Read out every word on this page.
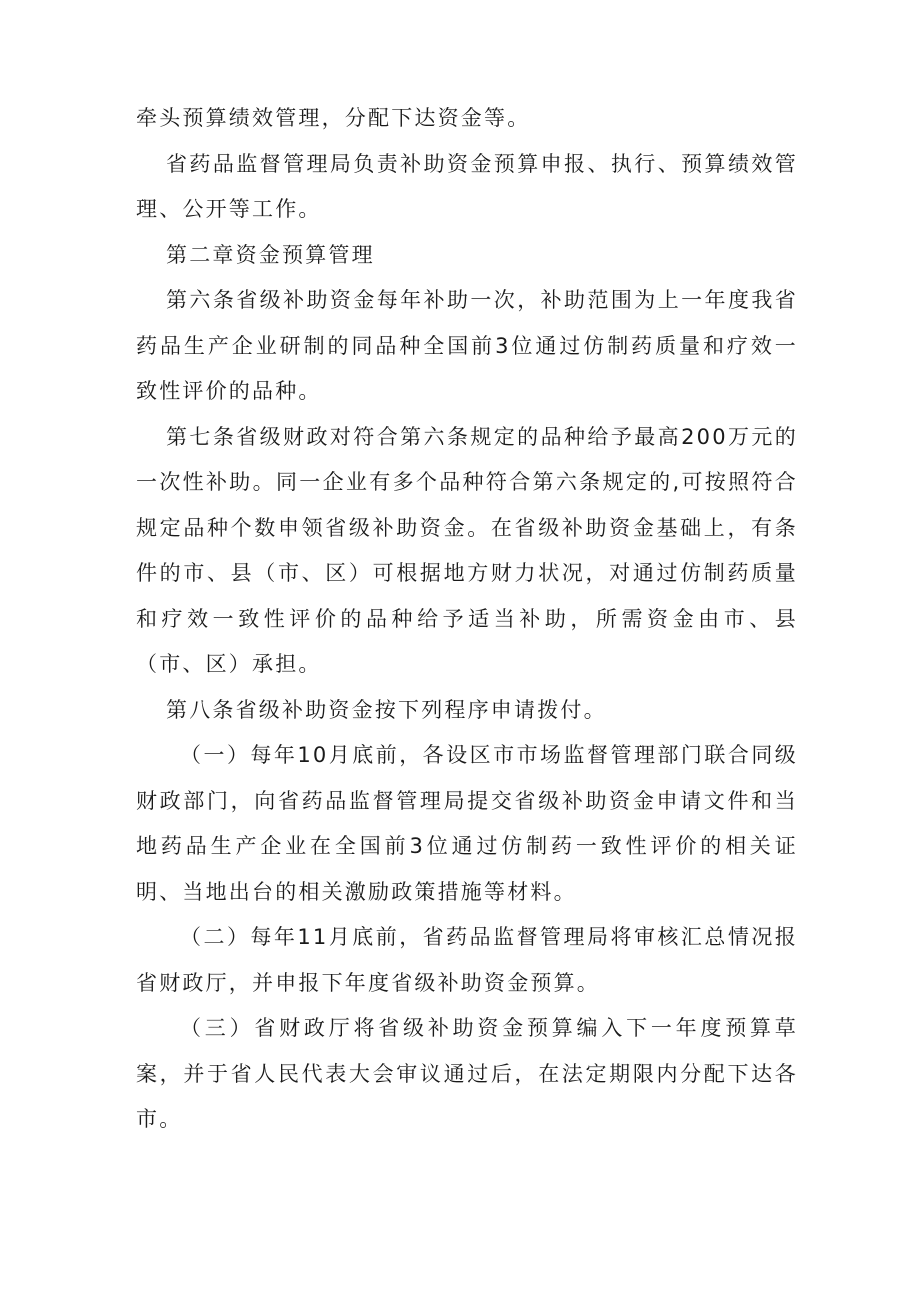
牵头预算绩效管理，分配下达资金等。

省药品监督管理局负责补助资金预算申报、执行、预算绩效管理、公开等工作。

第二章资金预算管理

第六条省级补助资金每年补助一次，补助范围为上一年度我省药品生产企业研制的同品种全国前3位通过仿制药质量和疗效一致性评价的品种。

第七条省级财政对符合第六条规定的品种给予最高200万元的一次性补助。同一企业有多个品种符合第六条规定的,可按照符合规定品种个数申领省级补助资金。在省级补助资金基础上，有条件的市、县（市、区）可根据地方财力状况，对通过仿制药质量和疗效一致性评价的品种给予适当补助，所需资金由市、县（市、区）承担。

第八条省级补助资金按下列程序申请拨付。

（一）每年10月底前，各设区市市场监督管理部门联合同级财政部门，向省药品监督管理局提交省级补助资金申请文件和当地药品生产企业在全国前3位通过仿制药一致性评价的相关证明、当地出台的相关激励政策措施等材料。

（二）每年11月底前，省药品监督管理局将审核汇总情况报省财政厅，并申报下年度省级补助资金预算。

（三）省财政厅将省级补助资金预算编入下一年度预算草案，并于省人民代表大会审议通过后，在法定期限内分配下达各市。
